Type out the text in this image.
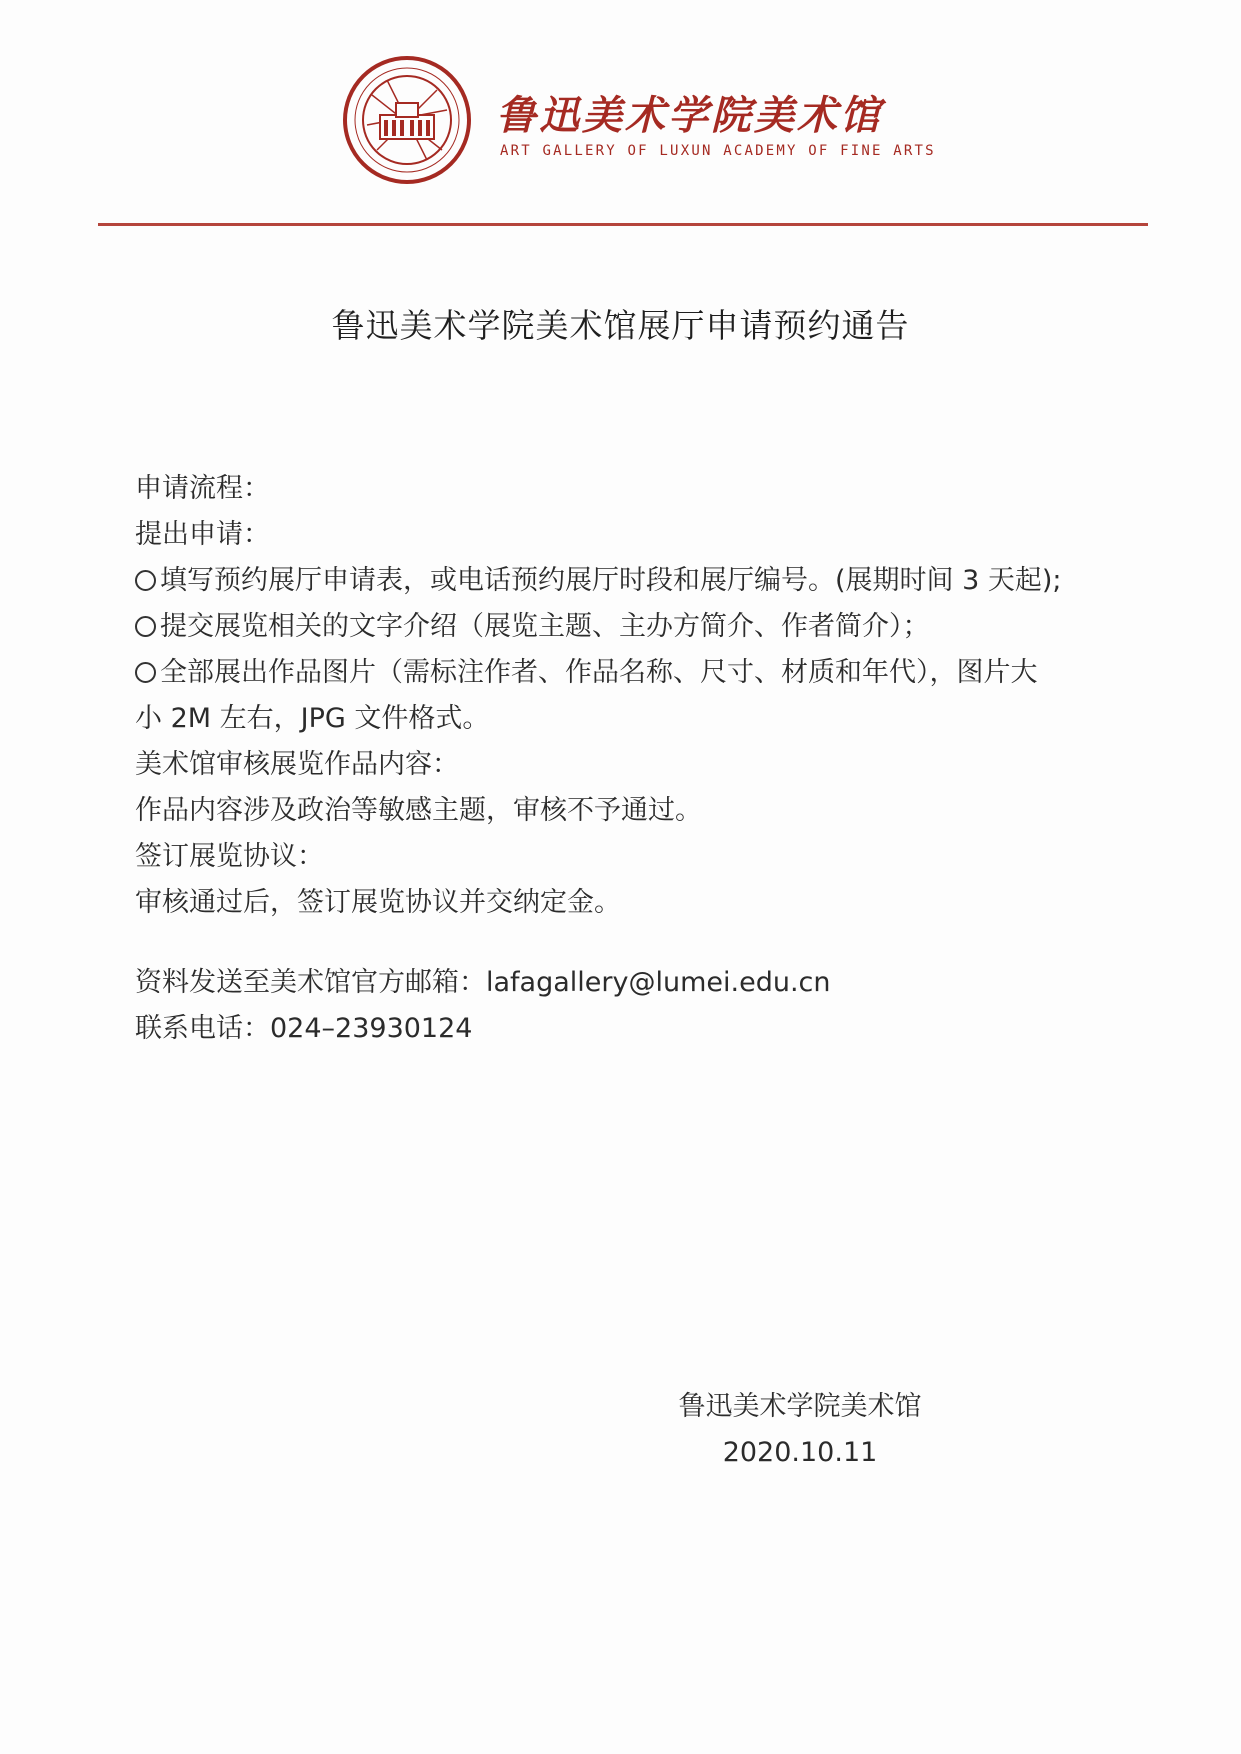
鲁迅美术学院美术馆
ART GALLERY OF LUXUN ACADEMY OF FINE ARTS
鲁迅美术学院美术馆展厅申请预约通告
申请流程：
提出申请：
填写预约展厅申请表，或电话预约展厅时段和展厅编号。(展期时间 3 天起);
提交展览相关的文字介绍（展览主题、主办方简介、作者简介）；
全部展出作品图片（需标注作者、作品名称、尺寸、材质和年代），图片大
小 2M 左右，JPG 文件格式。
美术馆审核展览作品内容：
作品内容涉及政治等敏感主题，审核不予通过。
签订展览协议：
审核通过后，签订展览协议并交纳定金。
资料发送至美术馆官方邮箱：lafagallery@lumei.edu.cn
联系电话：024–23930124
鲁迅美术学院美术馆
2020.10.11
